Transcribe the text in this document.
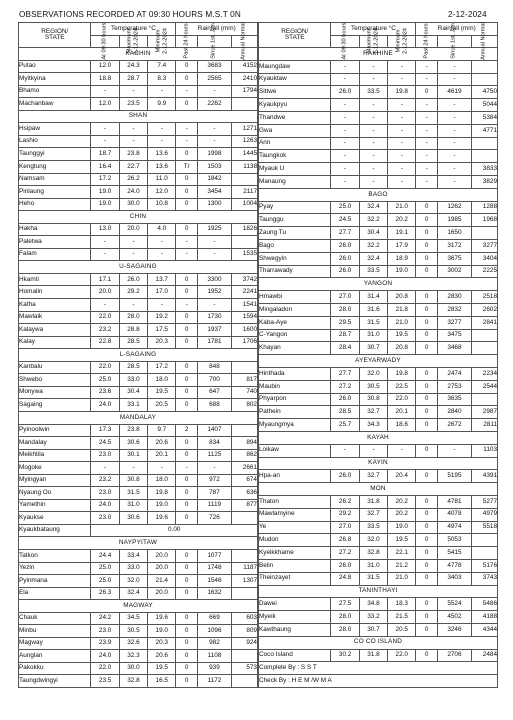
OBSERVATIONS RECORDED AT 09:30 HOURS M.S.T 0N	2-12-2024
REGION/
STATE	Temperature °C			Rainfall (mm)		

	At 09:30 hours	Maximum
1-12-2024	Minimum
2-12-2024	Past 24 hours	Since 1st. Jan	Annual Normal

KACHIN						
Putao	12.0	24.3	7.4	0	3683	4152
Myitkyina	18.8	28.7	8.3	0	2565	2410
Bhamo	-	-	-	-	-	1794
Machanbaw	12.0	23.5	9.9	0	2262	
SHAN						
Hsipaw	-	-	-	-	-	1271
Lashio	-	-	-	-	-	1263
Taunggyi	18.7	23.8	13.6	0	1998	1445
Kengtung	16.4	22.7	13.6	Tr	1503	1138
Namsam	17.2	26.2	11.0	0	1842	
Pinlaung	19.0	24.0	12.0	0	3454	2117
Heho	19.0	30.0	10.8	0	1300	1004
CHIN						
Hakha	13.0	20.0	4.0	0	1925	1826
Paletwa	-	-	-	-	-	
Falam	-	-	-	-	-	1535
U-SAGAING						
Hkamti	17.1	26.0	13.7	0	3300	3742
Homalin	20.0	29.2	17.0	0	1952	2241
Katha	-	-	-	-	-	1541
Mawlaik	22.0	28.0	19.2	0	1730	1594
Kalaywa	23.2	28.8	17.5	0	1937	1600
Kalay	22.8	28.5	20.3	0	1781	1706
L-SAGAING						
Kanbalu	22.0	28.5	17.2	0	848	
Shwebo	25.0	33.0	18.0	0	700	817
Monywa	23.6	30.4	19.5	0	647	740
Sagaing	24.0	33.1	20.5	0	688	802
MANDALAY						
Pyinoolwin	17.3	23.8	9.7	2	1407	
Mandalay	24.5	30.6	20.6	0	834	894
Meikhtila	23.0	30.1	20.1	0	1125	862
Mogoke	-	-	-	-	-	2661
Myingyan	23.2	30.8	18.0	0	972	674
Nyaung Oo	23.0	31.5	19.8	0	787	636
Yamethin	24.0	31.0	19.0	0	1119	877
Kyaukse	23.0	30.6	19.6	0	726	
Kyaukbataung	0.00					
NAYPYITAW						
Tatkon	24.4	33.4	20.0	0	1077	
Yezin	25.0	33.0	20.0	0	1748	1187
Pyinmana	25.0	32.0	21.4	0	1546	1307
Ela	26.3	32.4	20.0	0	1632	
MAGWAY						
Chauk	24.2	34.5	19.6	0	669	603
Minbu	23.0	30.5	19.0	0	1096	809
Magway	23.9	32.6	20.3	0	982	924
Aunglan	24.0	32.3	20.6	0	1108	
Pakokku	22.0	30.0	19.5	0	939	573
Taungdwingyi	23.5	32.8	16.5	0	1172	
REGION/
STATE	Temperature °C			Rainfall (mm)		

	At 09:30 hours	Maximum
1-12-2024	Minimum
2-12-2024	Past 24 hours	Since 1st. Jan	Annual Normal

RAKHINE						
Maungdaw	-	-	-	-	-	
Kyauktaw	-	-	-	-	-	
Sittwe	26.0	33.5	19.8	0	4619	4750
Kyaukpyu	-	-	-	-	-	5044
Thandwe	-	-	-	-	-	5384
Gwa	-	-	-	-	-	4771
Ann	-	-	-	-	-	
Taungkok	-	-	-	-	-	
Myauk U	-	-	-	-	-	3833
Manaung	-	-	-	-	-	3829
BAGO						
Pyay	25.0	32.4	21.0	0	1262	1288
Taunggu	24.5	32.2	20.2	0	1985	1968
Zaung Tu	27.7	30.4	19.1	0	1650	
Bago	26.0	32.2	17.9	0	3172	3277
Shwegyin	26.0	32.4	18.9	0	3675	3404
Tharrawady	26.0	33.5	19.0	0	3002	2225
YANGON						
Hmawbi	27.0	31.4	20.8	0	2830	2518
Mingaladon	28.0	31.6	21.8	0	2832	2602
Kaba-Aye	29.5	31.5	21.0	0	3277	2841
C-Yangon	28.7	31.0	19.5	0	3475	
Khayan	28.4	30.7	20.8	0	3468	
AYEYARWADY						
Hinthada	27.7	32.0	19.8	0	2474	2234
Maubin	27.2	30.5	22.5	0	2753	2544
Phyarpon	26.0	30.8	22.0	0	3635	
Pathein	28.5	32.7	20.1	0	2840	2987
Myaungmya	25.7	34.3	18.6	0	2672	2811
KAYAH						
Loikaw	-	-	-	0	-	1103
KAYIN						
Hpa-an	26.0	32.7	20.4	0	5195	4391
MON						
Thaton	26.2	31.8	20.2	0	4781	5277
Mawlamyine	29.2	32.7	20.2	0	4078	4979
Ye	27.0	33.5	19.0	0	4974	5518
Mudon	26.8	32.0	19.5	0	5053	
Kyeikkhame	27.2	32.8	22.1	0	5415	
Belin	26.0	31.0	21.2	0	4778	5176
Theinzayet	24.8	31.5	21.0	0	3403	3743
TANINTHAYI						
Dawei	27.5	34.8	18.3	0	5524	5486
Myeik	28.0	33.2	21.5	0	4502	4188
Kawthaung	28.0	30.7	20.5	0	3246	4344
CO CO ISLAND						
Coco Island	30.2	31.8	22.0	0	2706	2484
Complete By : S S T						
Check By : H E M /W M A						
